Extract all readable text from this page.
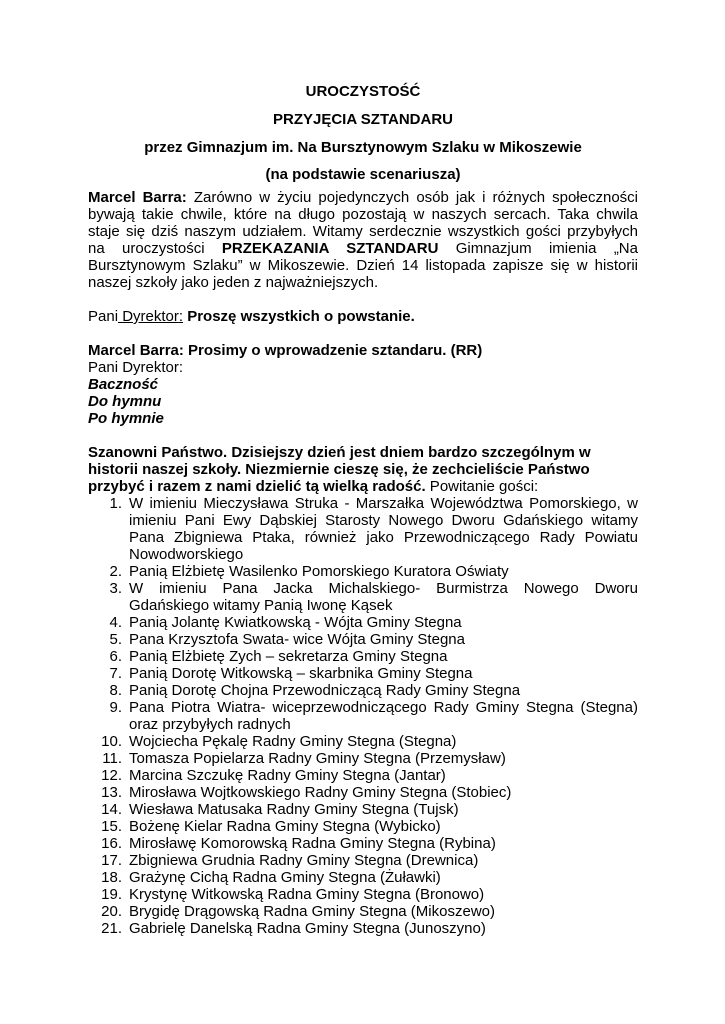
UROCZYSTOŚĆ

PRZYJĘCIA SZTANDARU

przez Gimnazjum im. Na Bursztynowym Szlaku w Mikoszewie

(na podstawie scenariusza)

Marcel Barra: Zarówno w życiu pojedynczych osób jak i różnych społeczności bywają takie chwile, które na długo pozostają w naszych sercach. Taka chwila staje się dziś naszym udziałem. Witamy serdecznie wszystkich gości przybyłych na uroczystości PRZEKAZANIA SZTANDARU Gimnazjum imienia „Na Bursztynowym Szlaku” w Mikoszewie. Dzień 14 listopada zapisze się w historii naszej szkoły jako jeden z najważniejszych.

Pani Dyrektor: Proszę wszystkich o powstanie.

Marcel Barra: Prosimy o wprowadzenie sztandaru. (RR)

Pani Dyrektor:

Baczność
Do hymnu
Po hymnie

Szanowni Państwo. Dzisiejszy dzień jest dniem bardzo szczególnym w historii naszej szkoły. Niezmiernie cieszę się, że zechcieliście Państwo przybyć i razem z nami dzielić tą wielką radość. Powitanie gości:

1. W imieniu Mieczysława Struka - Marszałka Województwa Pomorskiego, w imieniu Pani Ewy Dąbskiej Starosty Nowego Dworu Gdańskiego witamy Pana Zbigniewa Ptaka, również jako Przewodniczącego Rady Powiatu Nowodworskiego
2. Panią Elżbietę Wasilenko Pomorskiego Kuratora Oświaty
3. W imieniu Pana Jacka Michalskiego- Burmistrza Nowego Dworu Gdańskiego witamy Panią Iwonę Kąsek
4. Panią Jolantę Kwiatkowską - Wójta Gminy Stegna
5. Pana Krzysztofa Swata- wice Wójta Gminy Stegna
6. Panią Elżbietę Zych – sekretarza Gminy Stegna
7. Panią Dorotę Witkowską – skarbnika Gminy Stegna
8. Panią Dorotę Chojna Przewodniczącą Rady Gminy Stegna
9. Pana Piotra Wiatra- wiceprzewodniczącego Rady Gminy Stegna (Stegna) oraz przybyłych radnych
10. Wojciecha Pękalę Radny Gminy Stegna (Stegna)
11. Tomasza Popielarza Radny Gminy Stegna (Przemysław)
12. Marcina Szczukę Radny Gminy Stegna (Jantar)
13. Mirosława Wojtkowskiego Radny Gminy Stegna (Stobiec)
14. Wiesława Matusaka Radny Gminy Stegna (Tujsk)
15. Bożenę Kielar Radna Gminy Stegna (Wybicko)
16. Mirosławę Komorowską Radna Gminy Stegna (Rybina)
17. Zbigniewa Grudnia Radny Gminy Stegna (Drewnica)
18. Grażynę Cichą Radna Gminy Stegna (Żuławki)
19. Krystynę Witkowską Radna Gminy Stegna (Bronowo)
20. Brygidę Drągowską Radna Gminy Stegna (Mikoszewo)
21. Gabrielę Danelską Radna Gminy Stegna (Junoszyno)
